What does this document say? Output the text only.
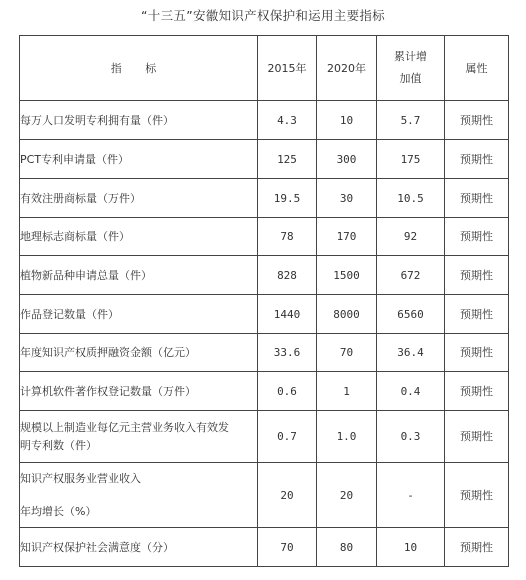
“十三五”安徽知识产权保护和运用主要指标
指 标	2015年	2020年	累计增
加值	属性
每万人口发明专利拥有量（件）	4.3	10	5.7	预期性
PCT专利申请量（件）	125	300	175	预期性
有效注册商标量（万件）	19.5	30	10.5	预期性
地理标志商标量（件）	78	170	92	预期性
植物新品种申请总量（件）	828	1500	672	预期性
作品登记数量（件）	1440	8000	6560	预期性
年度知识产权质押融资金额（亿元）	33.6	70	36.4	预期性
计算机软件著作权登记数量（万件）	0.6	1	0.4	预期性

规模以上制造业每亿元主营业务收入有效发
明专利数（件）	0.7	1.0	0.3	预期性

知识产权服务业营业收入
年均增长（%）	20	20	-	预期性
知识产权保护社会满意度（分）	70	80	10	预期性
